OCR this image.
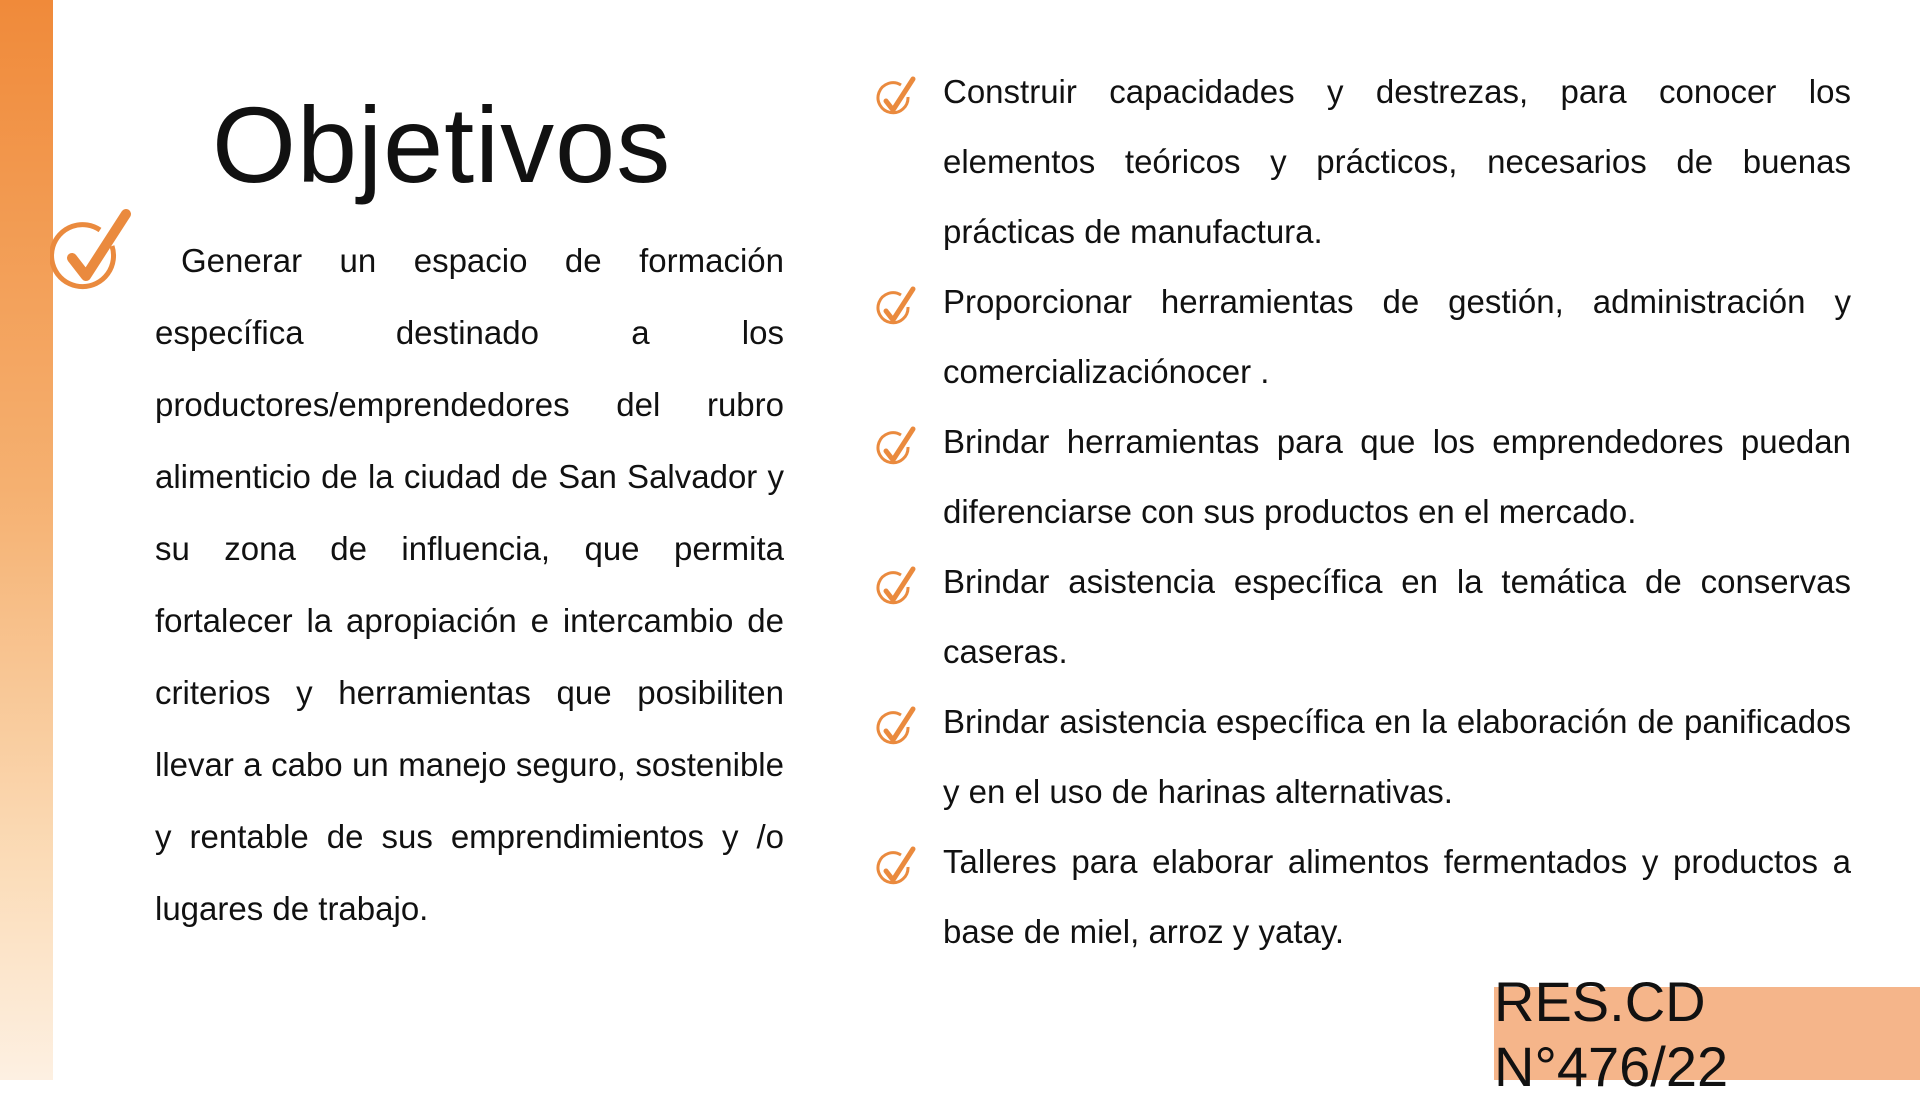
Objetivos

Generar un espacio de formación específica destinado a los productores/emprendedores del rubro alimenticio de la ciudad de San Salvador y su zona de influencia, que permita fortalecer la apropiación e intercambio de criterios y herramientas que posibiliten llevar a cabo un manejo seguro, sostenible y rentable de sus emprendimientos y /o lugares de trabajo.

Construir capacidades y destrezas, para conocer los elementos teóricos y prácticos, necesarios de buenas prácticas de manufactura.
Proporcionar herramientas de gestión, administración y comercializaciónocer .
Brindar herramientas para que los emprendedores puedan diferenciarse con sus productos en el mercado.
Brindar asistencia específica en la temática de conservas caseras.
Brindar asistencia específica en la elaboración de panificados y en el uso de harinas alternativas.
Talleres para elaborar alimentos fermentados y productos a base de miel, arroz y yatay.
RES.CD N°476/22
